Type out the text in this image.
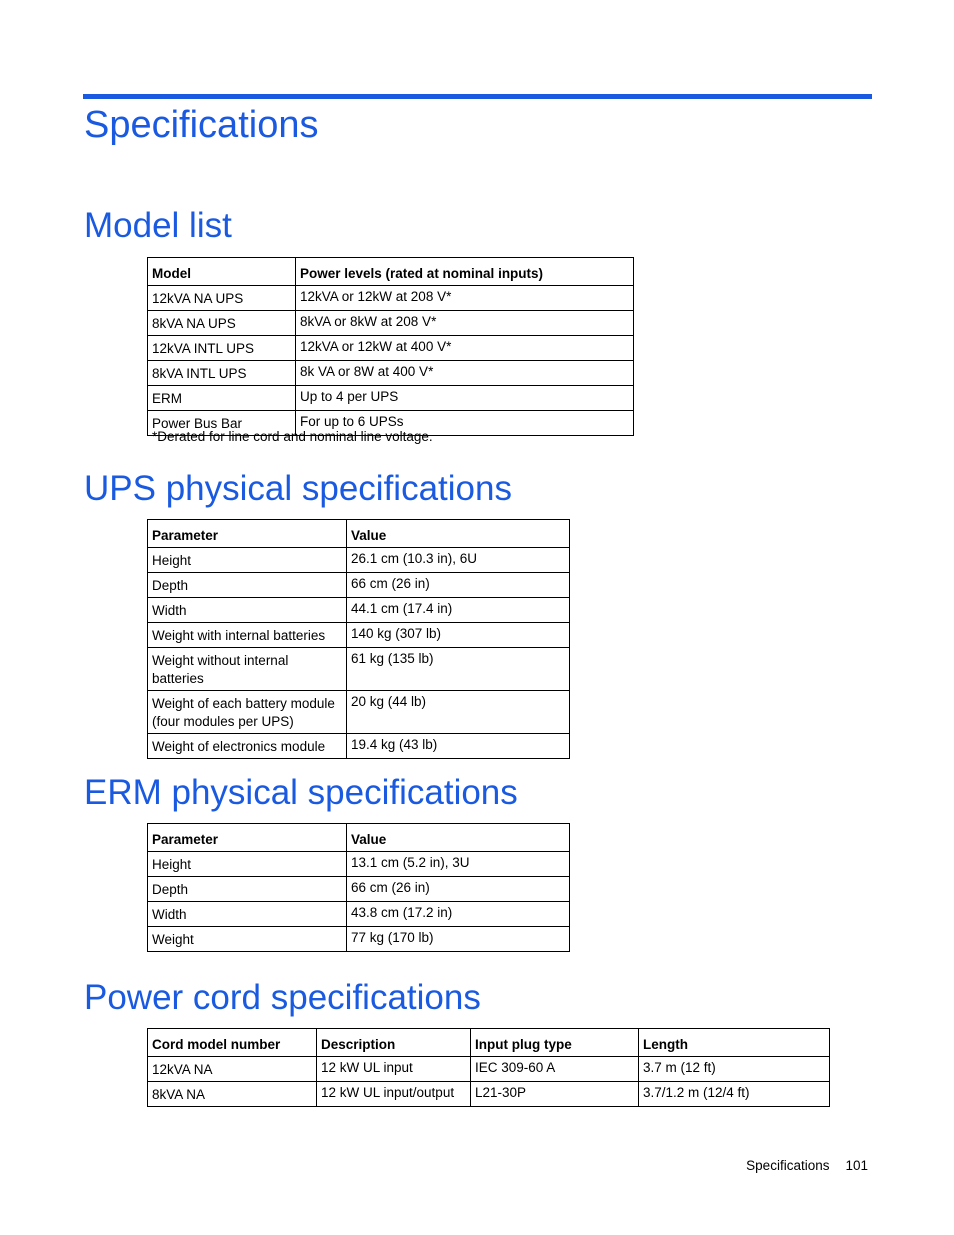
Specifications
Model list
Model	Power levels (rated at nominal inputs)
12kVA NA UPS	12kVA or 12kW at 208 V*
8kVA NA UPS	8kVA or 8kW at 208 V*
12kVA INTL UPS	12kVA or 12kW at 400 V*
8kVA INTL UPS	8k VA or 8W at 400 V*
ERM	Up to 4 per UPS
Power Bus Bar	For up to 6 UPSs
*Derated for line cord and nominal line voltage.
UPS physical specifications
Parameter	Value
Height	26.1 cm (10.3 in), 6U
Depth	66 cm (26 in)
Width	44.1 cm (17.4 in)
Weight with internal batteries	140 kg (307 lb)
Weight without internal batteries	61 kg (135 lb)
Weight of each battery module (four modules per UPS)	20 kg (44 lb)
Weight of electronics module	19.4 kg (43 lb)
ERM physical specifications
Parameter	Value
Height	13.1 cm (5.2 in), 3U
Depth	66 cm (26 in)
Width	43.8 cm (17.2 in)
Weight	77 kg (170 lb)
Power cord specifications
Cord model number	Description	Input plug type	Length
12kVA NA	12 kW UL input	IEC 309-60 A	3.7 m (12 ft)
8kVA NA	12 kW UL input/output	L21-30P	3.7/1.2 m (12/4 ft)
Specifications 101
